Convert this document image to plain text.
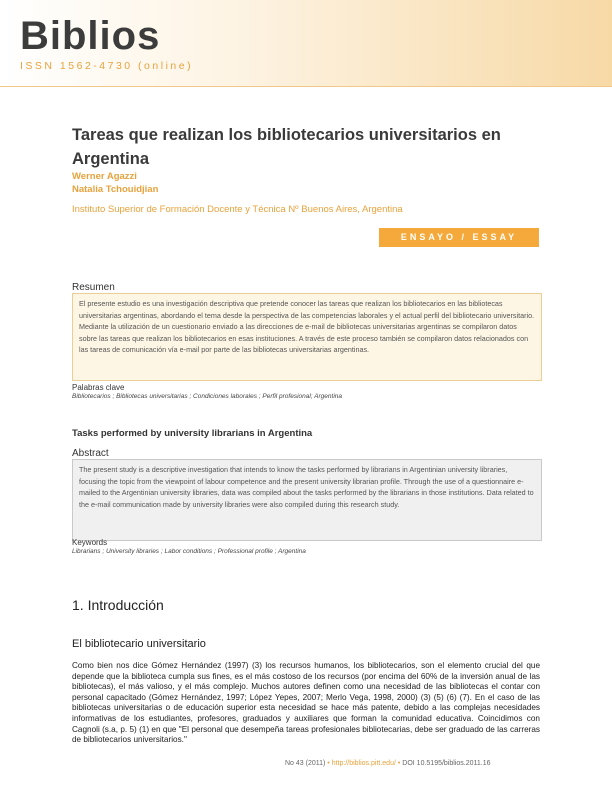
Biblios
ISSN 1562-4730 (online)
Tareas que realizan los bibliotecarios universitarios en Argentina
Werner Agazzi
Natalia Tchouidjian
Instituto Superior de Formación Docente y Técnica Nº Buenos Aires, Argentina
ENSAYO / ESSAY
Resumen
El presente estudio es una investigación descriptiva que pretende conocer las tareas que realizan los bibliotecarios en las bibliotecas universitarias argentinas, abordando el tema desde la perspectiva de las competencias laborales y el actual perfil del bibliotecario universitario. Mediante la utilización de un cuestionario enviado a las direcciones de e-mail de bibliotecas universitarias argentinas se compilaron datos sobre las tareas que realizan los bibliotecarios en esas instituciones. A través de este proceso también se compilaron datos relacionados con las tareas de comunicación vía e-mail por parte de las bibliotecas universitarias argentinas.
Palabras clave
Bibliotecarios ; Bibliotecas universitarias ; Condiciones laborales ; Perfil profesional; Argentina
Tasks performed by university librarians in Argentina
Abstract
The present study is a descriptive investigation that intends to know the tasks performed by librarians in Argentinian university libraries, focusing the topic from the viewpoint of labour competence and the present university librarian profile. Through the use of a questionnaire e-mailed to the Argentinian university libraries, data was compiled about the tasks performed by the librarians in those institutions. Data related to the e-mail communication made by university libraries were also compiled during this research study.
Keywords
Librarians ; University libraries ; Labor conditions ; Professional profile ; Argentina
1. Introducción
El bibliotecario universitario
Como bien nos dice Gómez Hernández (1997) (3) los recursos humanos, los bibliotecarios, son el elemento crucial del que depende que la biblioteca cumpla sus fines, es el más costoso de los recursos (por encima del 60% de la inversión anual de las bibliotecas), el más valioso, y el más complejo. Muchos autores definen como una necesidad de las bibliotecas el contar con personal capacitado (Gómez Hernández, 1997; López Yepes, 2007; Merlo Vega, 1998, 2000) (3) (5) (6) (7). En el caso de las bibliotecas universitarias o de educación superior esta necesidad se hace más patente, debido a las complejas necesidades informativas de los estudiantes, profesores, graduados y auxiliares que forman la comunidad educativa. Coincidimos con Cagnoli (s.a, p. 5) (1) en que "El personal que desempeña tareas profesionales bibliotecarias, debe ser graduado de las carreras de bibliotecarios universitarios."
No 43 (2011) • http://biblios.pitt.edu/ • DOI 10.5195/biblios.2011.16
